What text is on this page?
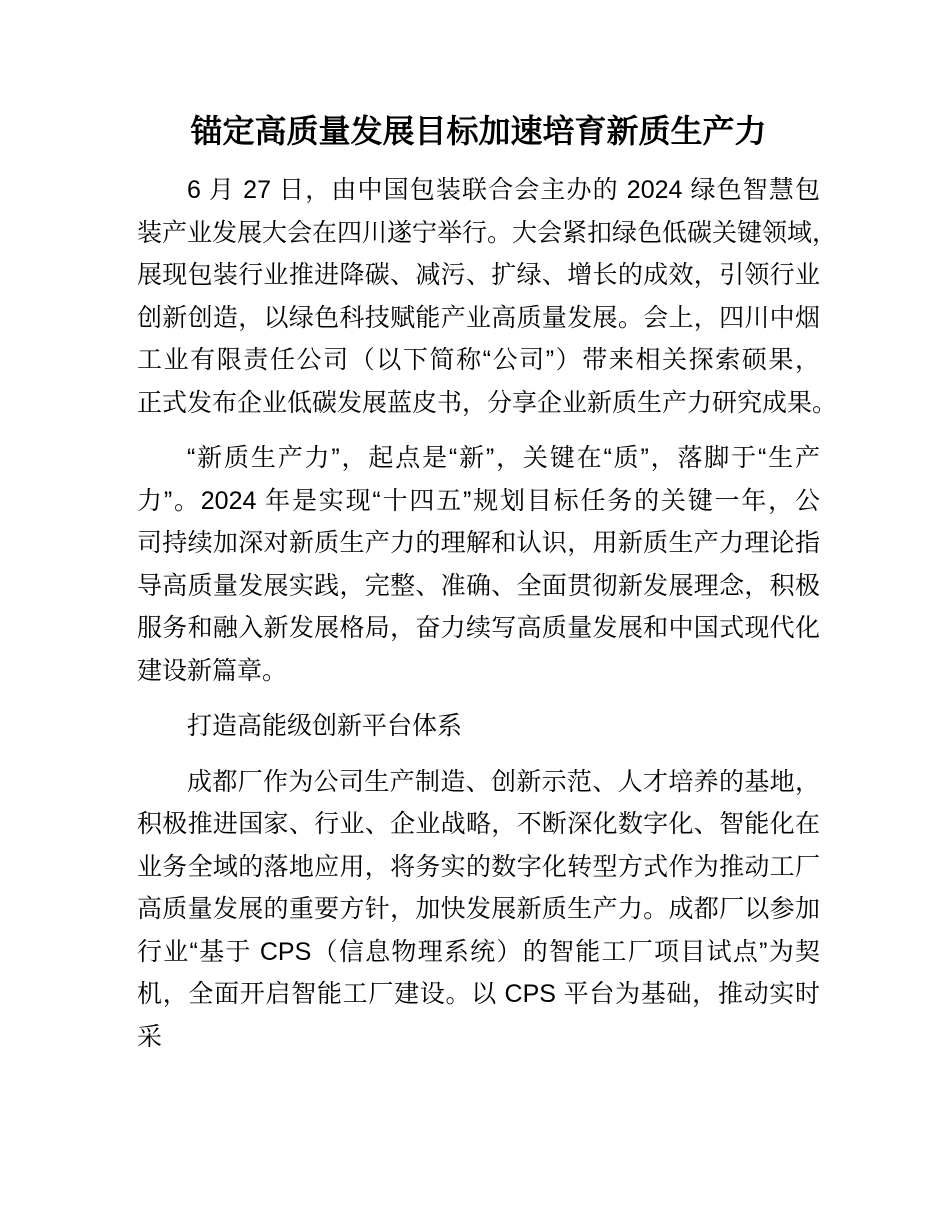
锚定高质量发展目标加速培育新质生产力
6 月 27 日，由中国包装联合会主办的 2024 绿色智慧包
装产业发展大会在四川遂宁举行。大会紧扣绿色低碳关键领域，
展现包装行业推进降碳、减污、扩绿、增长的成效，引领行业
创新创造，以绿色科技赋能产业高质量发展。会上，四川中烟
工业有限责任公司（以下简称“公司”）带来相关探索硕果，
正式发布企业低碳发展蓝皮书，分享企业新质生产力研究成果。
“新质生产力”，起点是“新”，关键在“质”，落脚于“生产
力”。2024 年是实现“十四五”规划目标任务的关键一年，公
司持续加深对新质生产力的理解和认识，用新质生产力理论指
导高质量发展实践，完整、准确、全面贯彻新发展理念，积极
服务和融入新发展格局，奋力续写高质量发展和中国式现代化
建设新篇章。
打造高能级创新平台体系
成都厂作为公司生产制造、创新示范、人才培养的基地，
积极推进国家、行业、企业战略，不断深化数字化、智能化在
业务全域的落地应用，将务实的数字化转型方式作为推动工厂
高质量发展的重要方针，加快发展新质生产力。成都厂以参加
行业“基于 CPS（信息物理系统）的智能工厂项目试点”为契
机，全面开启智能工厂建设。以 CPS 平台为基础，推动实时
采
